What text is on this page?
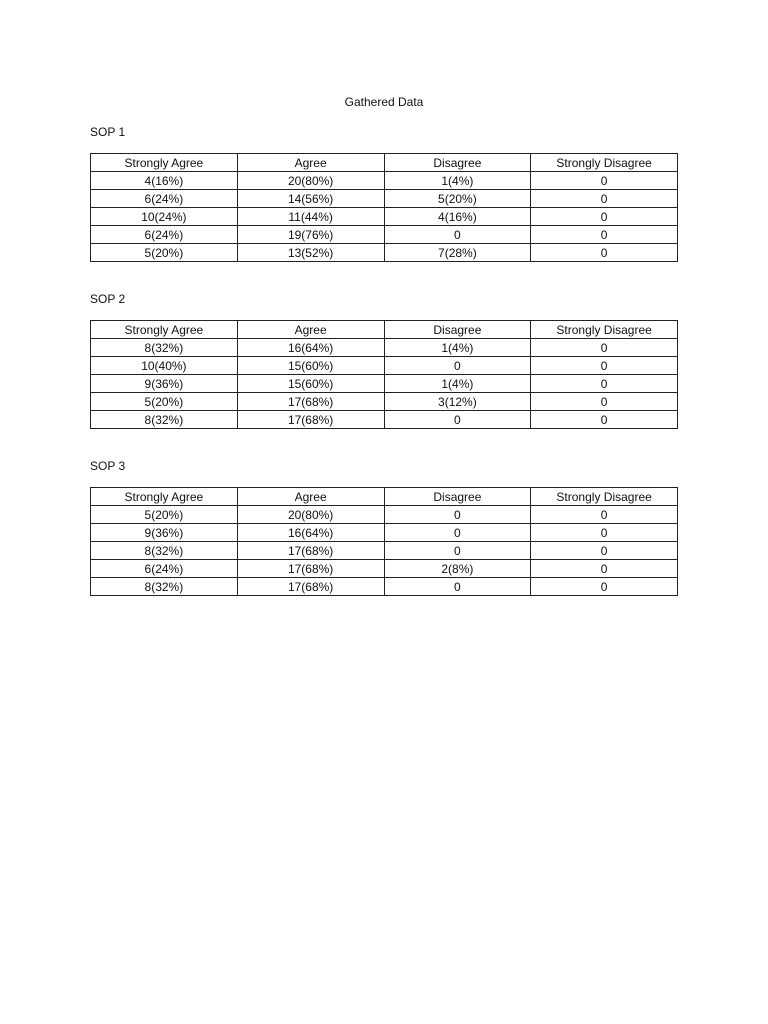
Gathered Data
SOP 1
Strongly Agree	Agree	Disagree	Strongly Disagree
4(16%)	20(80%)	1(4%)	0
6(24%)	14(56%)	5(20%)	0
10(24%)	11(44%)	4(16%)	0
6(24%)	19(76%)	0	0
5(20%)	13(52%)	7(28%)	0
SOP 2
Strongly Agree	Agree	Disagree	Strongly Disagree
8(32%)	16(64%)	1(4%)	0
10(40%)	15(60%)	0	0
9(36%)	15(60%)	1(4%)	0
5(20%)	17(68%)	3(12%)	0
8(32%)	17(68%)	0	0
SOP 3
Strongly Agree	Agree	Disagree	Strongly Disagree
5(20%)	20(80%)	0	0
9(36%)	16(64%)	0	0
8(32%)	17(68%)	0	0
6(24%)	17(68%)	2(8%)	0
8(32%)	17(68%)	0	0
